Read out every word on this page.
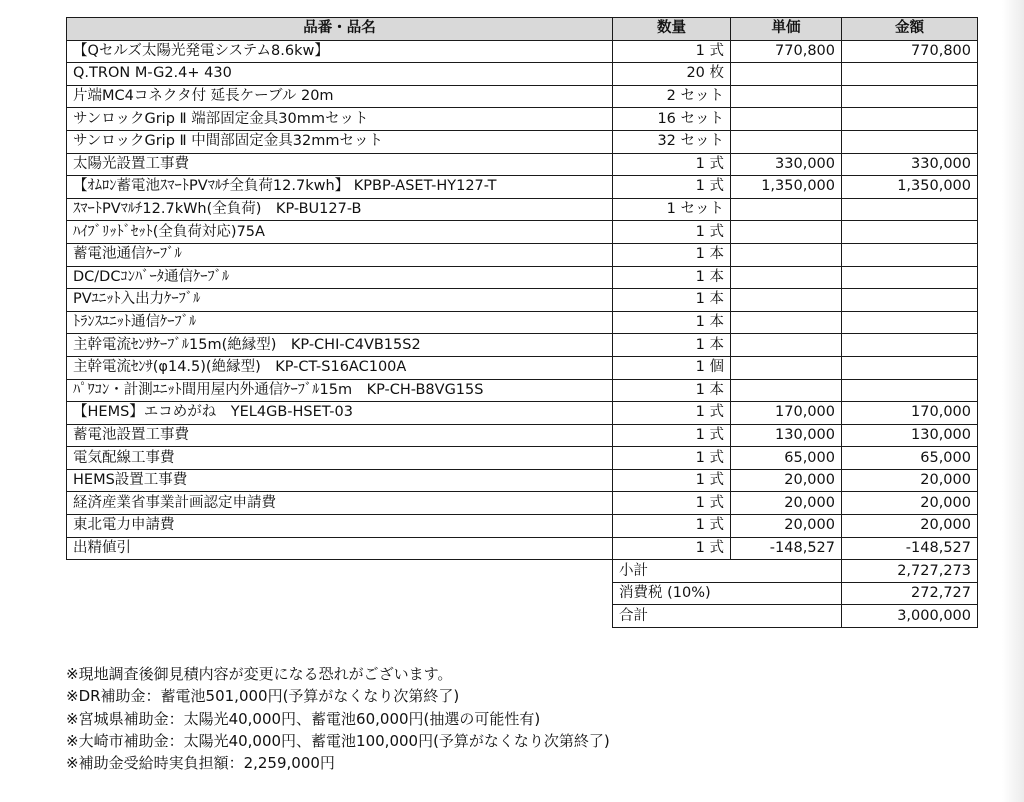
品番・品名	数量	単価	金額
【Qセルズ太陽光発電システム8.6kw】	1 式	770,800	770,800
Q.TRON M-G2.4+ 430	20 枚		
片端MC4コネクタ付 延長ケーブル 20m	2 セット		
サンロックGrip Ⅱ 端部固定金具30mmセット	16 セット		
サンロックGrip Ⅱ 中間部固定金具32mmセット	32 セット		
太陽光設置工事費	1 式	330,000	330,000
【ｵﾑﾛﾝ蓄電池ｽﾏｰﾄPVﾏﾙﾁ全負荷12.7kwh】 KPBP-ASET-HY127-T	1 式	1,350,000	1,350,000
ｽﾏｰﾄPVﾏﾙﾁ12.7kWh(全負荷)　KP-BU127-B	1 セット		
ﾊｲﾌﾞﾘｯﾄﾞｾｯﾄ(全負荷対応)75A	1 式		
蓄電池通信ｹｰﾌﾞﾙ	1 本		
DC/DCｺﾝﾊﾞｰﾀ通信ｹｰﾌﾞﾙ	1 本		
PVﾕﾆｯﾄ入出力ｹｰﾌﾞﾙ	1 本		
ﾄﾗﾝｽﾕﾆｯﾄ通信ｹｰﾌﾞﾙ	1 本		
主幹電流ｾﾝｻｹｰﾌﾞﾙ15m(絶縁型)　KP-CHI-C4VB15S2	1 本		
主幹電流ｾﾝｻ(φ14.5)(絶縁型)　KP-CT-S16AC100A	1 個		
ﾊﾟﾜｺﾝ・計測ﾕﾆｯﾄ間用屋内外通信ｹｰﾌﾞﾙ15m　KP-CH-B8VG15S	1 本		
【HEMS】エコめがね　YEL4GB-HSET-03	1 式	170,000	170,000
蓄電池設置工事費	1 式	130,000	130,000
電気配線工事費	1 式	65,000	65,000
HEMS設置工事費	1 式	20,000	20,000
経済産業省事業計画認定申請費	1 式	20,000	20,000
東北電力申請費	1 式	20,000	20,000
出精値引	1 式	-148,527	-148,527
	小計		2,727,273
	消費税 (10%)		272,727
	合計		3,000,000
※現地調査後御見積内容が変更になる恐れがございます。
※DR補助金：蓄電池501,000円(予算がなくなり次第終了)
※宮城県補助金：太陽光40,000円、蓄電池60,000円(抽選の可能性有)
※大崎市補助金：太陽光40,000円、蓄電池100,000円(予算がなくなり次第終了)
※補助金受給時実負担額：2,259,000円
